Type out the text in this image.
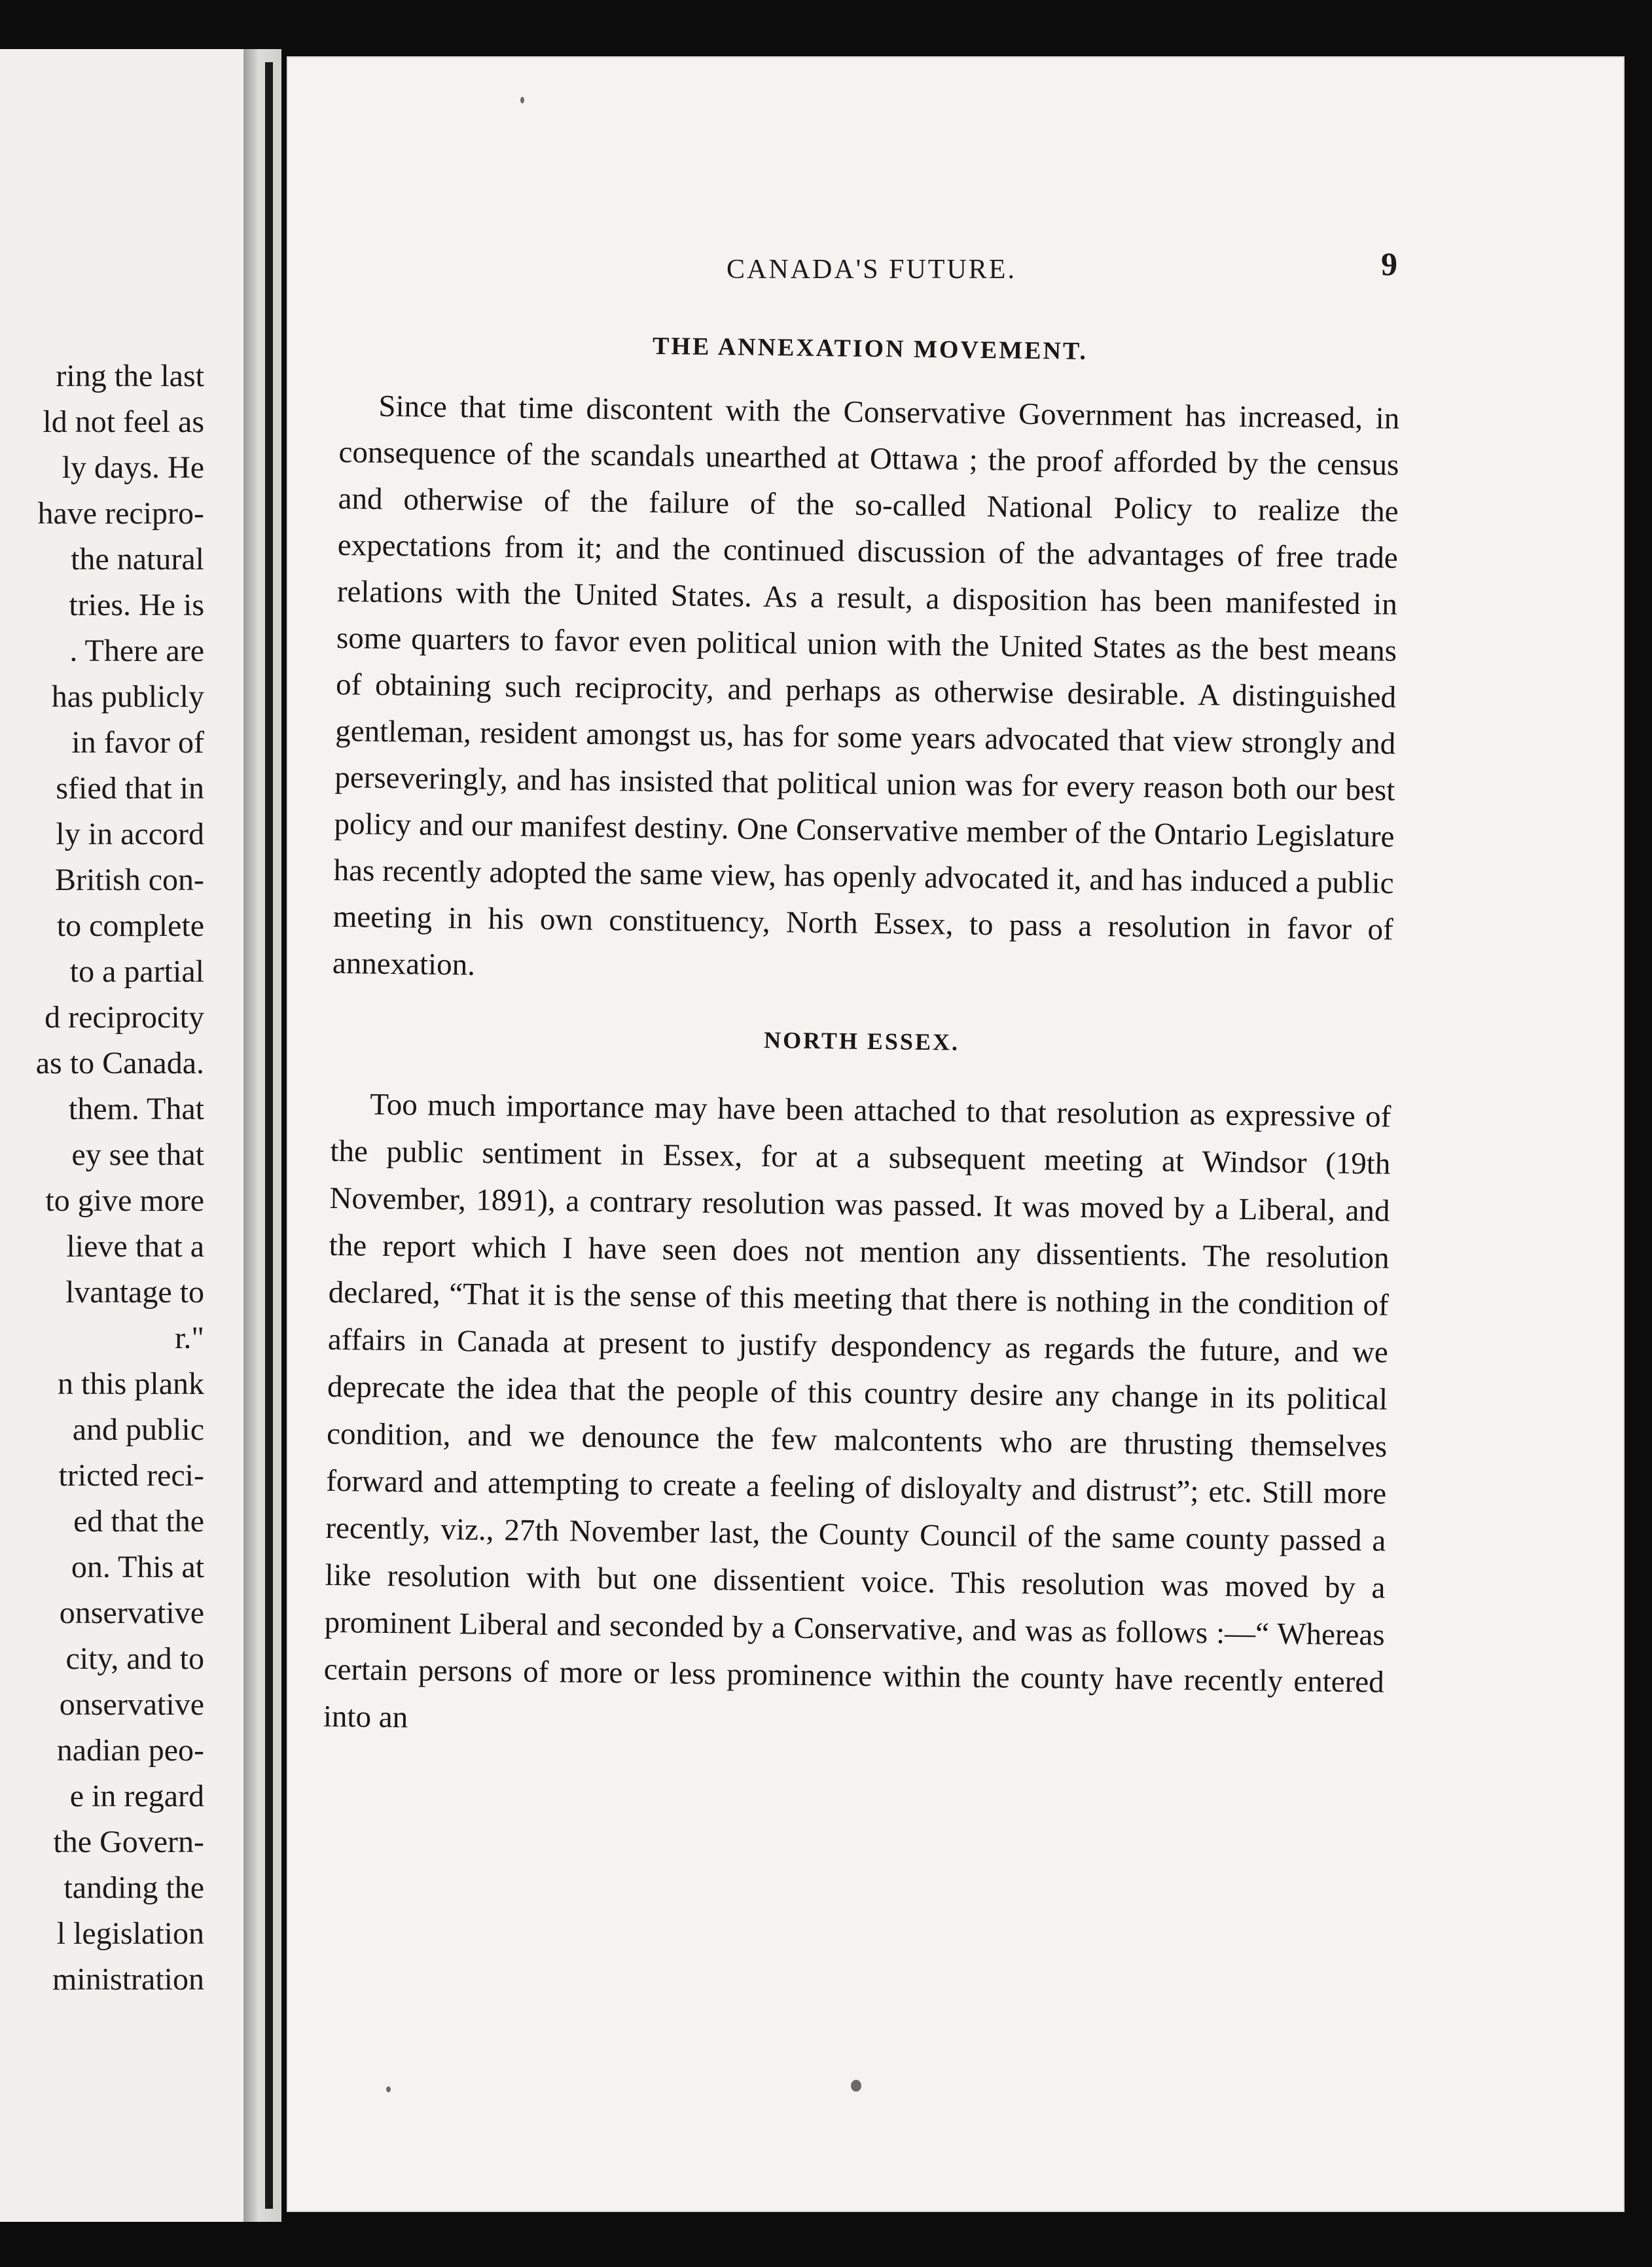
ring the last
ld not feel as
ly days. He
have recipro-
the natural
tries. He is
. There are
has publicly
in favor of
sfied that in
ly in accord
British con-
to complete
to a partial
d reciprocity
as to Canada.
them. That
ey see that
to give more
lieve that a
lvantage to
r."
n this plank
and public
tricted reci-
ed that the
on. This at
onservative
city, and to
onservative
nadian peo-
e in regard
the Govern-
tanding the
l legislation
ministration
CANADA'S FUTURE.	9
THE ANNEXATION MOVEMENT.

Since that time discontent with the Conservative Government has increased, in consequence of the scandals unearthed at Ottawa ; the proof afforded by the census and otherwise of the failure of the so-called National Policy to realize the expectations from it; and the continued discussion of the advantages of free trade relations with the United States. As a result, a disposition has been manifested in some quarters to favor even political union with the United States as the best means of obtaining such reciprocity, and perhaps as otherwise desirable. A distinguished gentleman, resident amongst us, has for some years advocated that view strongly and perseveringly, and has insisted that political union was for every reason both our best policy and our manifest destiny. One Conservative member of the Ontario Legislature has recently adopted the same view, has openly advocated it, and has induced a public meeting in his own constituency, North Essex, to pass a resolution in favor of annexation.

NORTH ESSEX.

Too much importance may have been attached to that resolution as expressive of the public sentiment in Essex, for at a subsequent meeting at Windsor (19th November, 1891), a contrary resolution was passed. It was moved by a Liberal, and the report which I have seen does not mention any dissentients. The resolution declared, “That it is the sense of this meeting that there is nothing in the condition of affairs in Canada at present to justify despondency as regards the future, and we deprecate the idea that the people of this country desire any change in its political condition, and we denounce the few malcontents who are thrusting themselves forward and attempting to create a feeling of disloyalty and distrust”; etc. Still more recently, viz., 27th November last, the County Council of the same county passed a like resolution with but one dissentient voice. This resolution was moved by a prominent Liberal and seconded by a Conservative, and was as follows :—“ Whereas certain persons of more or less prominence within the county have recently entered into an
